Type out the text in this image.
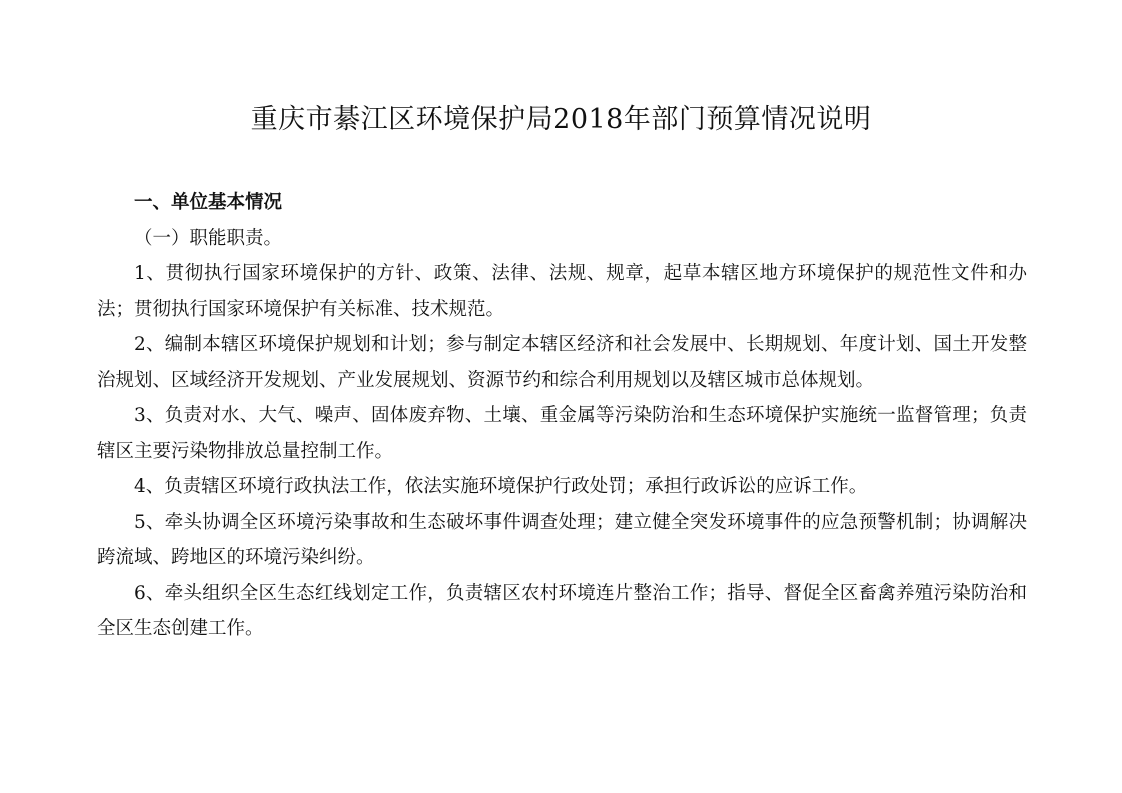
重庆市綦江区环境保护局2018年部门预算情况说明

一、单位基本情况

（一）职能职责。

1、贯彻执行国家环境保护的方针、政策、法律、法规、规章，起草本辖区地方环境保护的规范性文件和办法；贯彻执行国家环境保护有关标准、技术规范。

2、编制本辖区环境保护规划和计划；参与制定本辖区经济和社会发展中、长期规划、年度计划、国土开发整治规划、区域经济开发规划、产业发展规划、资源节约和综合利用规划以及辖区城市总体规划。

3、负责对水、大气、噪声、固体废弃物、土壤、重金属等污染防治和生态环境保护实施统一监督管理；负责辖区主要污染物排放总量控制工作。

4、负责辖区环境行政执法工作，依法实施环境保护行政处罚；承担行政诉讼的应诉工作。

5、牵头协调全区环境污染事故和生态破坏事件调查处理；建立健全突发环境事件的应急预警机制；协调解决跨流域、跨地区的环境污染纠纷。

6、牵头组织全区生态红线划定工作，负责辖区农村环境连片整治工作；指导、督促全区畜禽养殖污染防治和全区生态创建工作。
